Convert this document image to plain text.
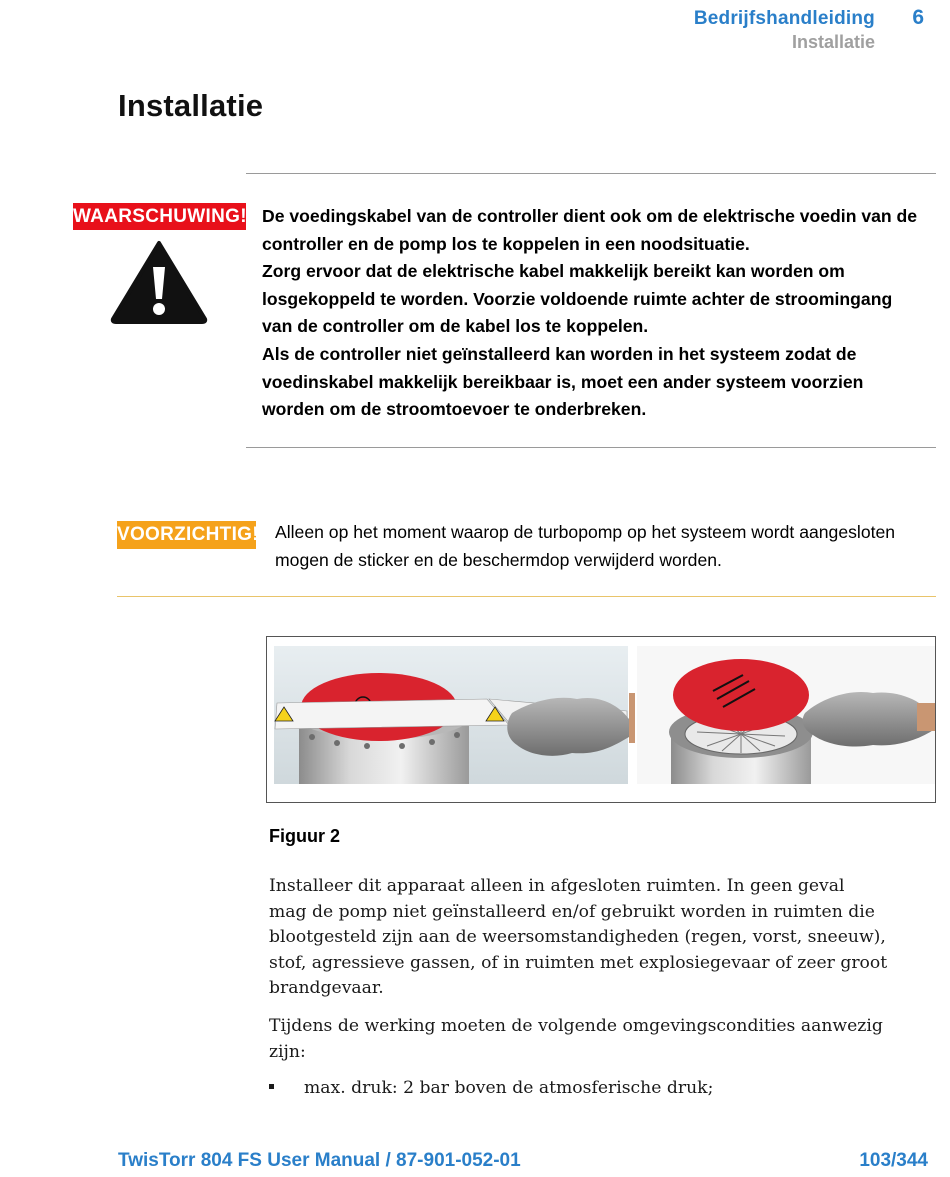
Bedrijfshandleiding 6
Installatie
Installatie
WAARSCHUWING! De voedingskabel van de controller dient ook om de elektrische voedin van de
controller en de pomp los te koppelen in een noodsituatie.
Zorg ervoor dat de elektrische kabel makkelijk bereikt kan worden om
losgekoppeld te worden. Voorzie voldoende ruimte achter de stroomingang
van de controller om de kabel los te koppelen.
Als de controller niet geïnstalleerd kan worden in het systeem zodat de
voedinskabel makkelijk bereikbaar is, moet een ander systeem voorzien
worden om de stroomtoevoer te onderbreken.
VOORZICHTIG! Alleen op het moment waarop de turbopomp op het systeem wordt aangesloten
mogen de sticker en de beschermdop verwijderd worden.
Figuur 2
Installeer dit apparaat alleen in afgesloten ruimten. In geen geval
mag de pomp niet geïnstalleerd en/of gebruikt worden in ruimten die
blootgesteld zijn aan de weersomstandigheden (regen, vorst, sneeuw),
stof, agressieve gassen, of in ruimten met explosiegevaar of zeer groot
brandgevaar.
Tijdens de werking moeten de volgende omgevingscondities aanwezig
zijn:
max. druk: 2 bar boven de atmosferische druk;
TwisTorr 804 FS User Manual / 87-901-052-01	103/344
